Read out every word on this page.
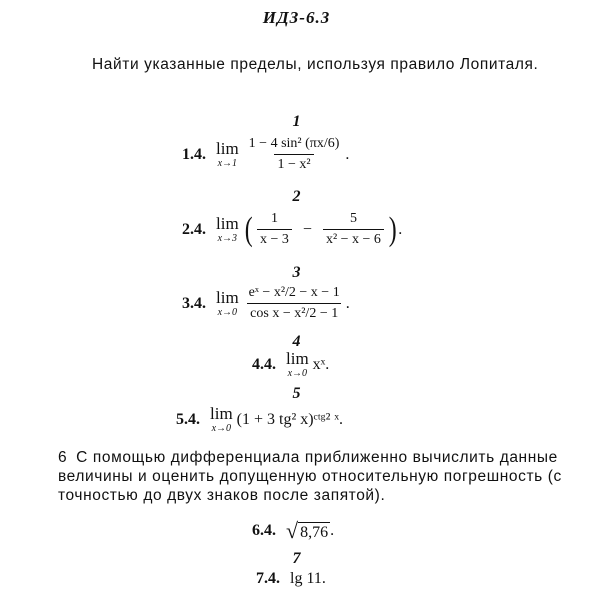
ИДЗ-6.3
Найти указанные пределы, используя правило Лопиталя.
1
1.4. lim
$x\to 1 \frac{\text{1 − 4 sin² (πx/6)}}{\text{1 − x²}}$ .
2
2.4. lim
x→3 ( $\frac{1}{x - 3} - \frac{5}{\text{x² − x − 6}}$ ) .
3
3.4. lim
$x\to 0 \frac{\text{eˣ − x²/2 − x − 1}}{\text{cos x − x²/2 − 1}}$ .
4
4.4. lim
x→0
xˣ.
5
5.4. lim
x→0
(1 + 3 tg² x)ᶜᵗᵍ² ˣ.
6 С помощью дифференциала приближенно вычислить данные величины и оценить допущенную относительную погрешность (с точностью до двух знаков после запятой).
6.4. √ 8,76 .
7
7.4. lg 11.
